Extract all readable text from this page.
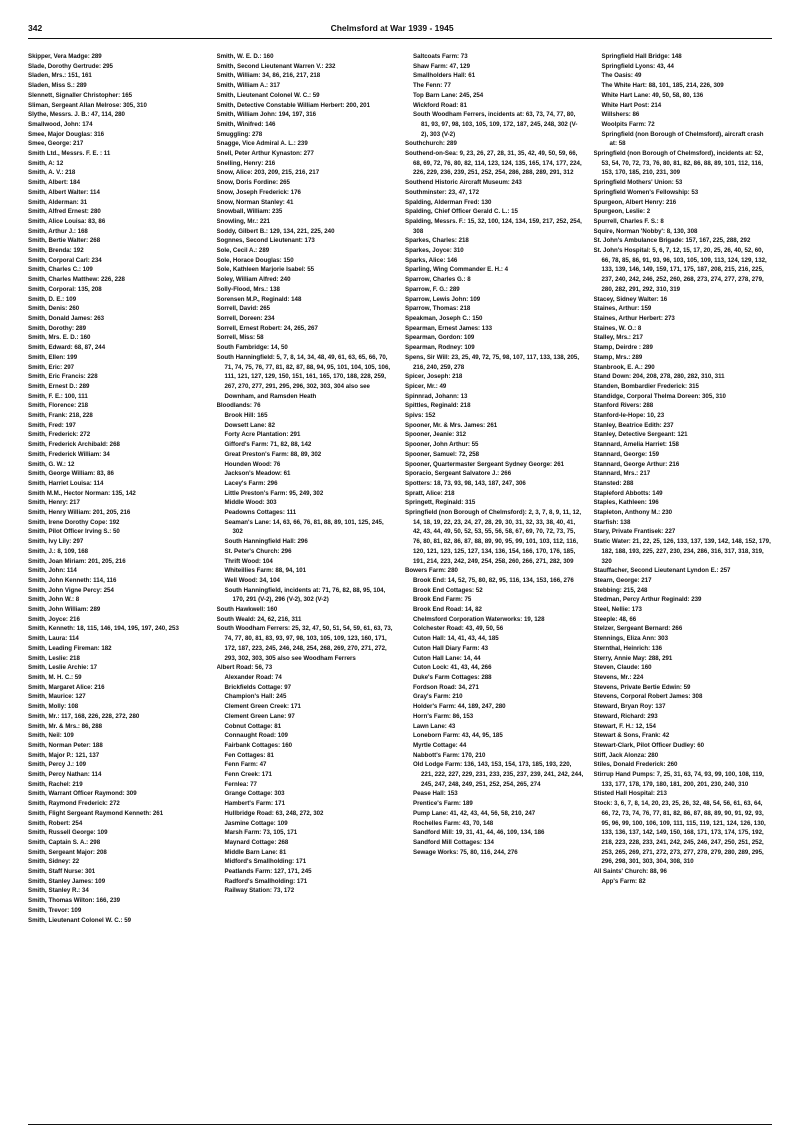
342	Chelmsford at War 1939 - 1945

Skipper, Vera Madge: 289

Slade, Dorothy Gertrude: 295

Sladen, Mrs.: 151, 161

Sladen, Miss S.: 289

Slennett, Signaller Christopher: 165

Sliman, Sergeant Allan Melrose: 305, 310

Slythe, Messrs. J. B.: 47, 114, 280

Smallwood, John: 174

Smee, Major Douglas: 316

Smee, George: 217

Smith Ltd., Messrs. F. E. : 11

Smith, A: 12

Smith, A. V.: 218

Smith, Albert: 184

Smith, Albert Walter: 114

Smith, Alderman: 31

Smith, Alfred Ernest: 280

Smith, Alice Louisa: 83, 86

Smith, Arthur J.: 168

Smith, Bertie Walter: 268

Smith, Brenda: 192

Smith, Corporal Carl: 234

Smith, Charles C.: 109

Smith, Charles Matthew: 226, 228

Smith, Corporal: 135, 208

Smith, D. E.: 109

Smith, Denis: 260

Smith, Donald James: 263

Smith, Dorothy: 289

Smith, Mrs. E. D.: 160

Smith, Edward: 68, 87, 244

Smith, Ellen: 199

Smith, Eric: 297

Smith, Eric Francis: 228

Smith, Ernest D.: 289

Smith, F. E.: 100, 111

Smith, Florence: 218

Smith, Frank: 218, 228

Smith, Fred: 197

Smith, Frederick: 272

Smith, Frederick Archibald: 268

Smith, Frederick William: 34

Smith, G. W.: 12

Smith, George William: 83, 86

Smith, Harriet Louisa: 114

Smith M.M., Hector Norman: 135, 142

Smith, Henry: 217

Smith, Henry William: 201, 205, 216

Smith, Irene Dorothy Cope: 192

Smith, Pilot Officer Irving S.: 50

Smith, Ivy Lily: 297

Smith, J.: 8, 109, 168

Smith, Joan Miriam: 201, 205, 216

Smith, John: 114

Smith, John Kenneth: 114, 116

Smith, John Vigne Percy: 254

Smith, John W.: 8

Smith, John William: 289

Smith, Joyce: 216

Smith, Kenneth: 18, 115, 146, 194, 195, 197, 240, 253

Smith, Laura: 114

Smith, Leading Fireman: 182

Smith, Leslie: 218

Smith, Leslie Archie: 17

Smith, M. H. C.: 59

Smith, Margaret Alice: 216

Smith, Maurice: 127

Smith, Molly: 108

Smith, Mr.: 117, 168, 226, 228, 272, 280

Smith, Mr. & Mrs.: 86, 288

Smith, Neil: 109

Smith, Norman Peter: 188

Smith, Major P.: 121, 137

Smith, Percy J.: 109

Smith, Percy Nathan: 114

Smith, Rachel: 219

Smith, Warrant Officer Raymond: 309

Smith, Raymond Frederick: 272

Smith, Flight Sergeant Raymond Kenneth: 261

Smith, Robert: 254

Smith, Russell George: 109

Smith, Captain S. A.: 298

Smith, Sergeant Major: 208

Smith, Sidney: 22

Smith, Staff Nurse: 301

Smith, Stanley James: 109

Smith, Stanley R.: 34

Smith, Thomas Wilton: 166, 239

Smith, Trevor: 109

Smith, Lieutenant Colonel W. C.: 59

Smith, W. E. D.: 160

Smith, Second Lieutenant Warren V.: 232

Smith, William: 34, 86, 216, 217, 218

Smith, William A.: 317

Smith, Lieutenant Colonel W. C.: 59

Smith, Detective Constable William Herbert: 200, 201

Smith, William John: 194, 197, 316

Smith, Winifred: 146

Smuggling: 278

Snagge, Vice Admiral A. L.: 239

Snell, Peter Arthur Kynaston: 277

Snelling, Henry: 216

Snow, Alice: 203, 209, 215, 216, 217

Snow, Doris Fordine: 265

Snow, Joseph Frederick: 176

Snow, Norman Stanley: 41

Snowball, William: 235

Snowling, Mr.: 221

Soddy, Gilbert B.: 129, 134, 221, 225, 240

Sognnes, Second Lieutenant: 173

Sole, Cecil A.: 289

Sole, Horace Douglas: 150

Sole, Kathleen Marjorie Isabel: 55

Soley, William Alfred: 240

Solly-Flood, Mrs.: 138

Sorensen M.P., Reginald: 148

Sorrell, David: 265

Sorrell, Doreen: 234

Sorrell, Ernest Robert: 24, 265, 267

Sorrell, Miss: 58

South Fambridge: 14, 50

South Hanningfield: 5, 7, 8, 14, 34, 48, 49, 61, 63, 65, 66, 70, 71, 74, 75, 76, 77, 81, 82, 87, 88, 94, 95, 101, 104, 105, 106, 111, 121, 127, 129, 150, 151, 161, 165, 170, 188, 228, 259, 267, 270, 277, 291, 295, 296, 302, 303, 304 also see Downham, and Ramsden Heath

Bloodlands: 76

Brook Hill: 165

Dowsett Lane: 82

Forty Acre Plantation: 291

Gifford's Farm: 71, 82, 88, 142

Great Preston's Farm: 88, 89, 302

Hounden Wood: 76

Jackson's Meadow: 61

Lacey's Farm: 296

Little Preston's Farm: 95, 249, 302

Middle Wood: 303

Peadowns Cottages: 111

Seaman's Lane: 14, 63, 66, 76, 81, 88, 89, 101, 125, 245, 302

South Hanningfield Hall: 296

St. Peter's Church: 296

Thrift Wood: 104

Whiteillies Farm: 88, 94, 101

Well Wood: 34, 104

South Hanningfield, incidents at: 71, 76, 82, 88, 95, 104, 170, 291 (V-2), 296 (V-2), 302 (V-2)

South Hawkwell: 160

South Weald: 24, 62, 216, 311

South Woodham Ferrers: 25, 32, 47, 50, 51, 54, 59, 61, 63, 73, 74, 77, 80, 81, 83, 93, 97, 98, 103, 105, 109, 123, 160, 171, 172, 187, 223, 245, 246, 248, 254, 268, 269, 270, 271, 272, 293, 302, 303, 305 also see Woodham Ferrers

Albert Road: 56, 73

Alexander Road: 74

Brickfields Cottage: 97

Champion's Hall: 245

Clement Green Creek: 171

Clement Green Lane: 97

Cobnut Cottage: 81

Connaught Road: 109

Fairbank Cottages: 160

Fen Cottages: 81

Fenn Farm: 47

Fenn Creek: 171

Fernlea: 77

Grange Cottage: 303

Hambert's Farm: 171

Hullbridge Road: 63, 248, 272, 302

Jasmine Cottage: 109

Marsh Farm: 73, 105, 171

Maynard Cottage: 268

Middle Barn Lane: 81

Midford's Smallholding: 171

Peatlands Farm: 127, 171, 245

Radford's Smallholding: 171

Railway Station: 73, 172

Saltcoats Farm: 73

Shaw Farm: 47, 129

Smallholders Hall: 61

The Fenn: 77

Top Barn Lane: 245, 254

Wickford Road: 81

South Woodham Ferrers, incidents at: 63, 73, 74, 77, 80, 81, 93, 97, 98, 103, 105, 109, 172, 187, 245, 248, 302 (V-2), 303 (V-2)

Southchurch: 289

Southend-on-Sea: 9, 23, 26, 27, 28, 31, 35, 42, 49, 50, 59, 66, 68, 69, 72, 76, 80, 82, 114, 123, 124, 135, 165, 174, 177, 224, 226, 229, 236, 239, 251, 252, 254, 286, 288, 289, 291, 312

Southend Historic Aircraft Museum: 243

Southminster: 23, 47, 172

Spalding, Alderman Fred: 130

Spalding, Chief Officer Gerald C. L.: 15

Spalding, Messrs. F.: 15, 32, 100, 124, 134, 159, 217, 252, 254, 308

Sparkes, Charles: 218

Sparkes, Joyce: 310

Sparks, Alice: 146

Sparling, Wing Commander E. H.: 4

Sparrow, Charles G.: 8

Sparrow, F. G.: 289

Sparrow, Lewis John: 109

Sparrow, Thomas: 218

Speakman, Joseph C.: 150

Spearman, Ernest James: 133

Spearman, Gordon: 109

Spearman, Rodney: 109

Spens, Sir Will: 23, 25, 49, 72, 75, 98, 107, 117, 133, 138, 205, 216, 240, 259, 278

Spicer, Joseph: 218

Spicer, Mr.: 49

Spinnrad, Johann: 13

Spittles, Reginald: 218

Spivs: 152

Spooner, Mr. & Mrs. James: 261

Spooner, Jeanie: 312

Spooner, John Arthur: 55

Spooner, Samuel: 72, 258

Spooner, Quartermaster Sergeant Sydney George: 261

Sporacio, Sergeant Salvatore J.: 266

Spotters: 18, 73, 93, 98, 143, 187, 247, 306

Spratt, Alice: 218

Springett, Reginald: 315

Springfield (non Borough of Chelmsford): 2, 3, 7, 8, 9, 11, 12, 14, 18, 19, 22, 23, 24, 27, 28, 29, 30, 31, 32, 33, 38, 40, 41, 42, 43, 44, 49, 50, 52, 53, 55, 56, 58, 67, 69, 70, 72, 73, 75, 76, 80, 81, 82, 86, 87, 88, 89, 90, 95, 99, 101, 103, 112, 116, 120, 121, 123, 125, 127, 134, 136, 154, 166, 170, 176, 185, 191, 214, 223, 242, 249, 254, 258, 260, 266, 271, 282, 309

Bowers Farm: 280

Brook End: 14, 52, 75, 80, 82, 95, 116, 134, 153, 166, 276

Brook End Cottages: 52

Brook End Farm: 75

Brook End Road: 14, 82

Chelmsford Corporation Waterworks: 19, 128

Colchester Road: 43, 49, 50, 56

Cuton Hall: 14, 41, 43, 44, 185

Cuton Hall Diary Farm: 43

Cuton Hall Lane: 14, 44

Cuton Lock: 41, 43, 44, 266

Duke's Farm Cottages: 288

Fordson Road: 34, 271

Gray's Farm: 210

Holder's Farm: 44, 189, 247, 280

Horn's Farm: 86, 153

Lawn Lane: 43

Loneborn Farm: 43, 44, 95, 185

Myrtle Cottage: 44

Nabbott's Farm: 170, 210

Old Lodge Farm: 136, 143, 153, 154, 173, 185, 193, 220, 221, 222, 227, 229, 231, 233, 235, 237, 239, 241, 242, 244, 245, 247, 248, 249, 251, 252, 254, 265, 274

Pease Hall: 153

Prentice's Farm: 189

Pump Lane: 41, 42, 43, 44, 56, 58, 210, 247

Rochelles Farm: 43, 70, 148

Sandford Mill: 19, 31, 41, 44, 46, 109, 134, 186

Sandford Mill Cottages: 134

Sewage Works: 75, 80, 116, 244, 276

Springfield Hall Bridge: 148

Springfield Lyons: 43, 44

The Oasis: 49

The White Hart: 88, 101, 185, 214, 226, 309

White Hart Lane: 49, 50, 58, 80, 136

White Hart Post: 214

Willshers: 86

Woolpits Farm: 72

Springfield (non Borough of Chelmsford), aircraft crash at: 58

Springfield (non Borough of Chelmsford), incidents at: 52, 53, 54, 70, 72, 73, 76, 80, 81, 82, 86, 88, 89, 101, 112, 116, 153, 170, 185, 210, 231, 309

Springfield Mothers' Union: 53

Springfield Women's Fellowship: 53

Spurgeon, Albert Henry: 216

Spurgeon, Leslie: 2

Spurrell, Charles F. S.: 8

Squire, Norman 'Nobby': 8, 130, 308

St. John's Ambulance Brigade: 157, 167, 225, 288, 292

St. John's Hospital: 5, 6, 7, 12, 15, 17, 20, 25, 26, 40, 52, 60, 66, 78, 85, 86, 91, 93, 96, 103, 105, 109, 113, 124, 129, 132, 133, 139, 146, 149, 159, 171, 175, 187, 208, 215, 216, 225, 237, 240, 242, 246, 252, 260, 268, 273, 274, 277, 278, 279, 280, 282, 291, 292, 310, 319

Stacey, Sidney Walter: 16

Staines, Arthur: 159

Staines, Arthur Herbert: 273

Staines, W. O.: 8

Stalley, Mrs.: 217

Stamp, Deirdre : 289

Stamp, Mrs.: 289

Stanbrook, E. A.: 290

Stand Down: 204, 208, 278, 280, 282, 310, 311

Standen, Bombardier Frederick: 315

Standidge, Corporal Thelma Doreen: 305, 310

Stanford Rivers: 288

Stanford-le-Hope: 10, 23

Stanley, Beatrice Edith: 237

Stanley, Detective Sergeant: 121

Stannard, Amelia Harriet: 158

Stannard, George: 159

Stannard, George Arthur: 216

Stannard, Mrs.: 217

Stansted: 288

Stapleford Abbotts: 149

Staples, Kathleen: 196

Stapleton, Anthony M.: 230

Starfish: 138

Stary, Private Frantisek: 227

Static Water: 21, 22, 25, 126, 133, 137, 139, 142, 148, 152, 179, 182, 188, 193, 225, 227, 230, 234, 286, 316, 317, 318, 319, 320

Stauffacher, Second Lieutenant Lyndon E.: 257

Stearn, George: 217

Stebbing: 215, 248

Stedman, Percy Arthur Reginald: 239

Steel, Nellie: 173

Steeple: 48, 66

Stelzer, Sergeant Bernard: 266

Stennings, Eliza Ann: 303

Sternthal, Heinrich: 136

Sterry, Annie May: 288, 291

Steven, Claude: 160

Stevens, Mr.: 224

Stevens, Private Bertie Edwin: 59

Stevens, Corporal Robert James: 308

Steward, Bryan Roy: 137

Steward, Richard: 293

Stewart, F. H.: 12, 154

Stewart & Sons, Frank: 42

Stewart-Clark, Pilot Officer Dudley: 60

Stiff, Jack Alonza: 280

Stiles, Donald Frederick: 260

Stirrup Hand Pumps: 7, 25, 31, 63, 74, 93, 99, 100, 108, 119, 133, 177, 178, 179, 180, 181, 200, 201, 230, 240, 310

Stisted Hall Hospital: 213

Stock: 3, 6, 7, 8, 14, 20, 23, 25, 26, 32, 48, 54, 56, 61, 63, 64, 66, 72, 73, 74, 76, 77, 81, 82, 86, 87, 88, 89, 90, 91, 92, 93, 95, 96, 99, 100, 106, 109, 111, 115, 119, 121, 124, 126, 130, 133, 136, 137, 142, 149, 150, 168, 171, 173, 174, 175, 192, 218, 223, 228, 233, 241, 242, 245, 246, 247, 250, 251, 252, 253, 265, 269, 271, 272, 273, 277, 278, 279, 280, 289, 295, 296, 298, 301, 303, 304, 308, 310

All Saints' Church: 88, 96

App's Farm: 82
